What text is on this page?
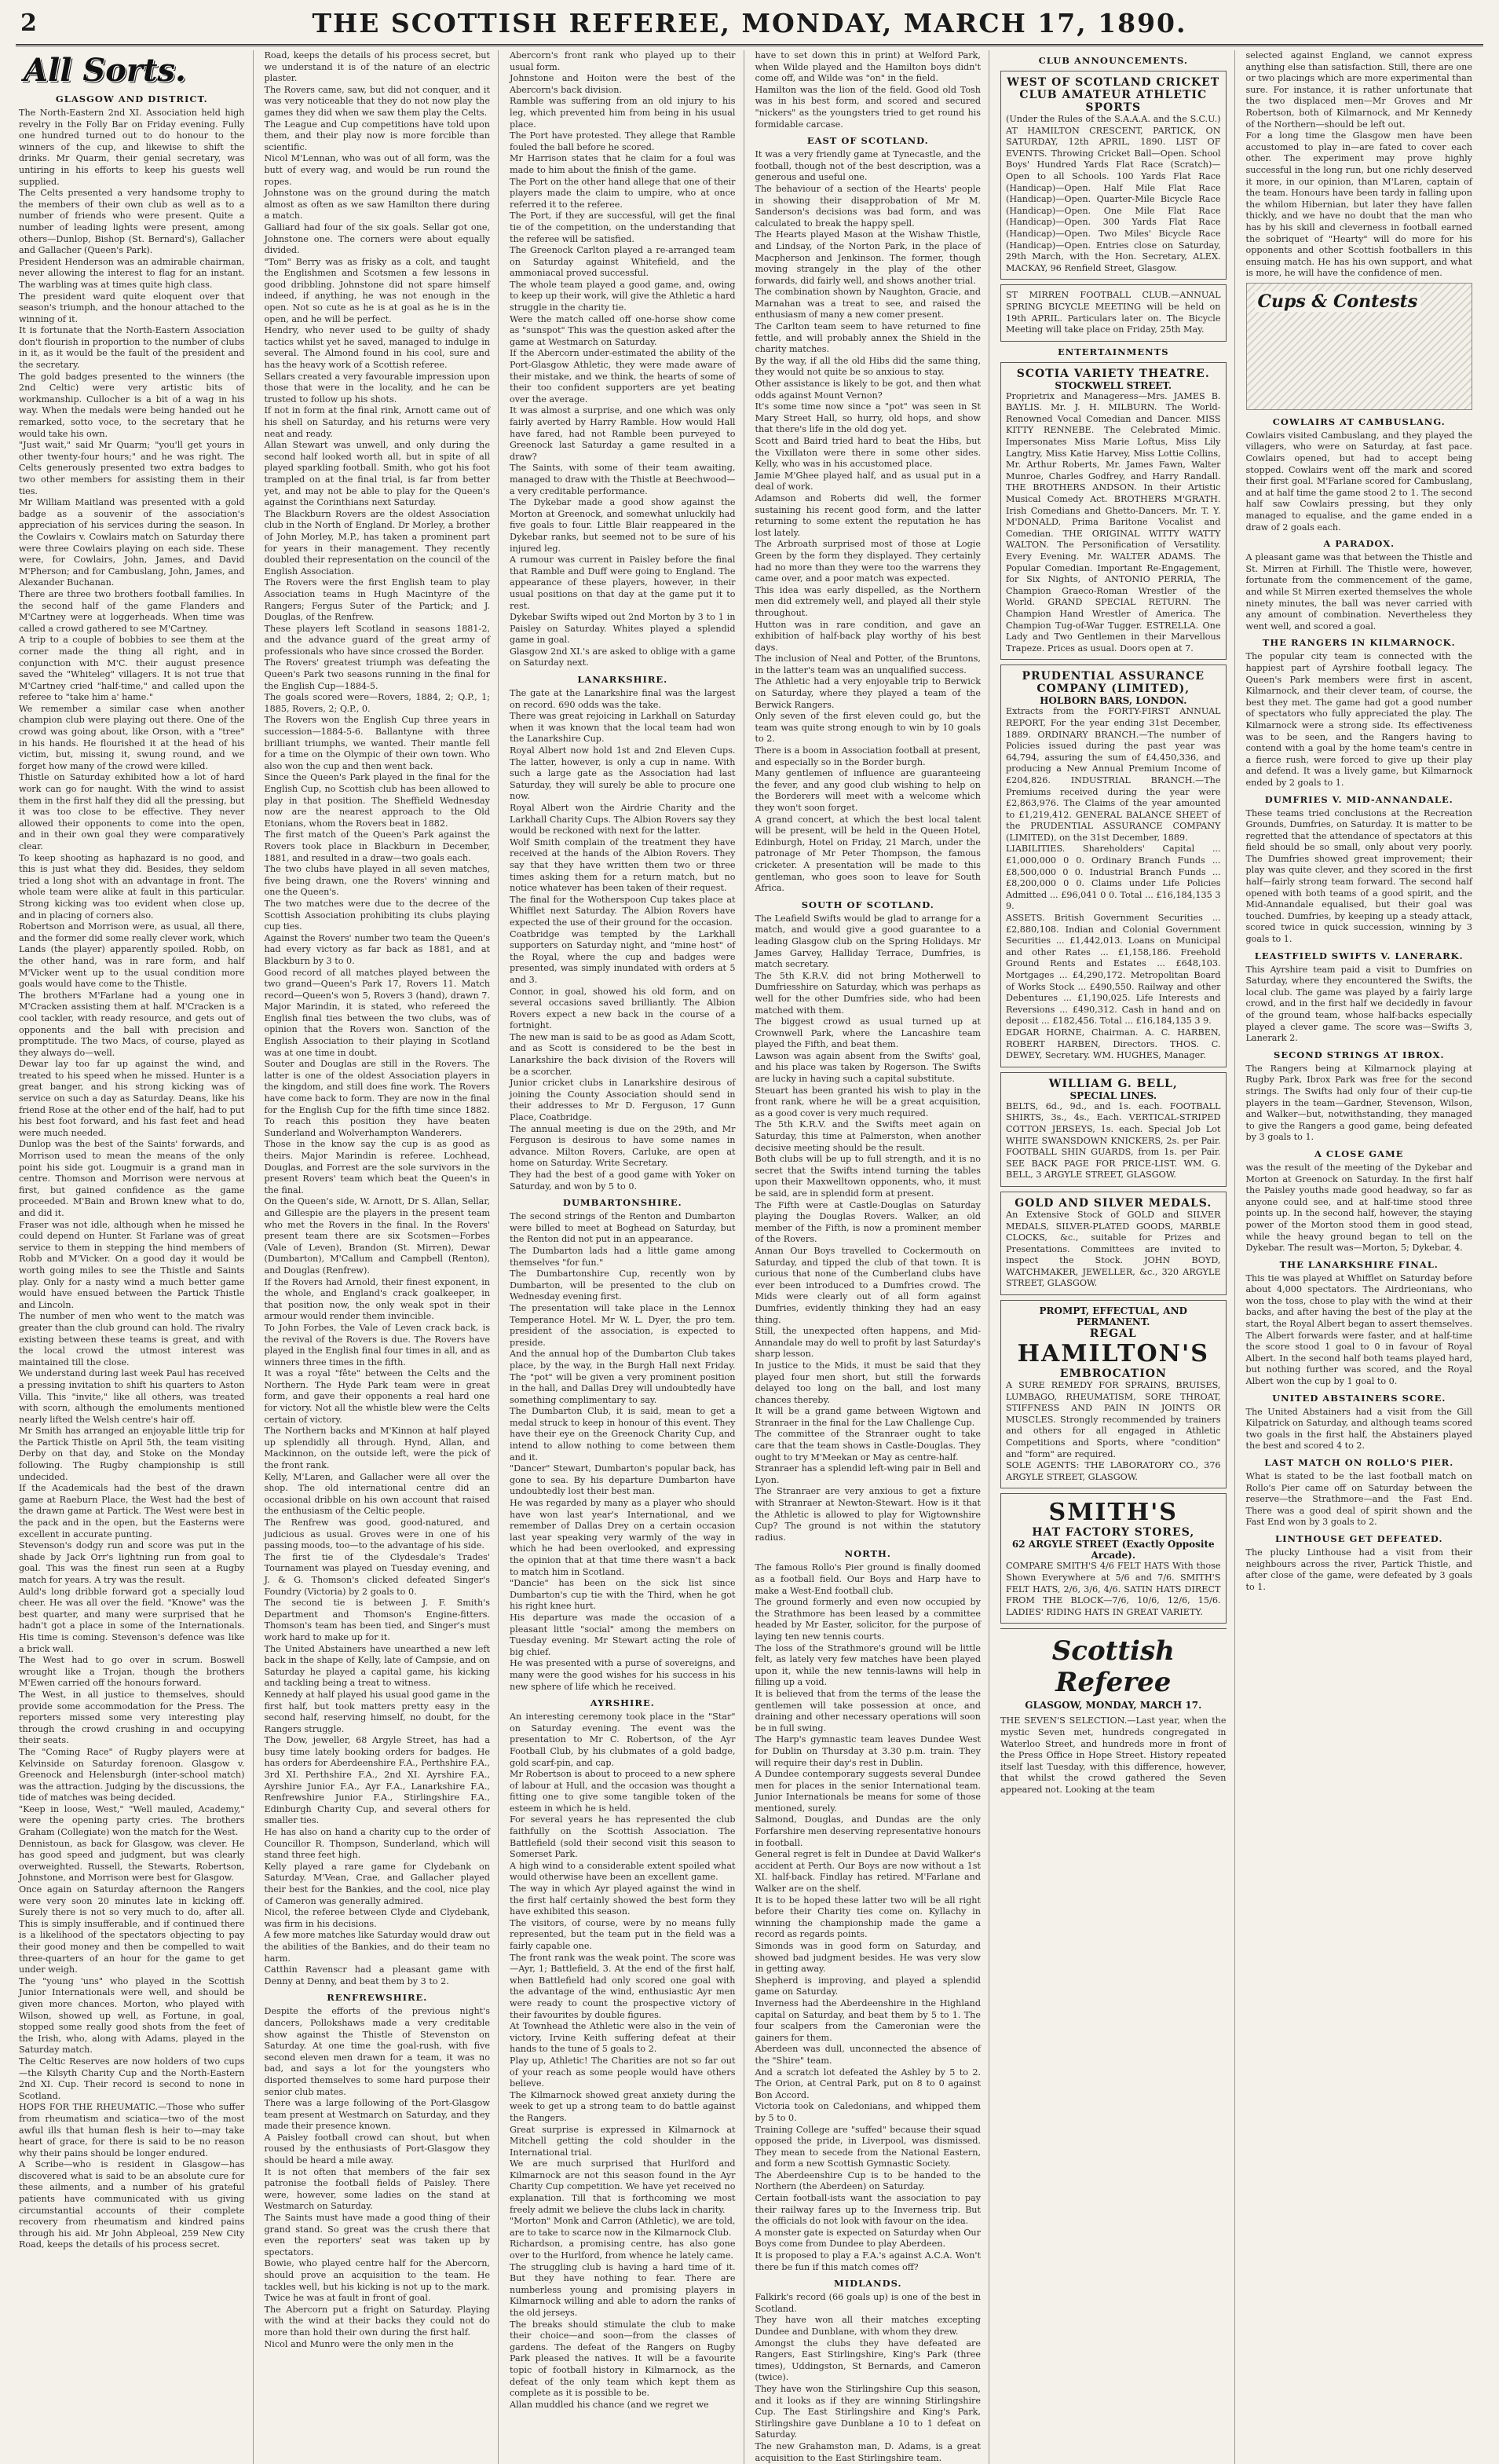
2	THE SCOTTISH REFEREE, MONDAY, MARCH 17, 1890.
All Sorts.
GLASGOW AND DISTRICT.

The North-Eastern 2nd XI. Association held high revelry in the Folly Bar on Friday evening. Fully one hundred turned out to do honour to the winners of the cup, and likewise to shift the drinks. Mr Quarm, their genial secretary, was untiring in his efforts to keep his guests well supplied.

The Celts presented a very handsome trophy to the members of their own club as well as to a number of friends who were present. Quite a number of leading lights were present, among others—Dunlop, Bishop (St. Bernard's), Gallacher and Gallacher (Queen's Park).

President Henderson was an admirable chairman, never allowing the interest to flag for an instant. The warbling was at times quite high class.

The president ward quite eloquent over that season's triumph, and the honour attached to the winning of it.

It is fortunate that the North-Eastern Association don't flourish in proportion to the number of clubs in it, as it would be the fault of the president and the secretary.

The gold badges presented to the winners (the 2nd Celtic) were very artistic bits of workmanship. Cullocher is a bit of a wag in his way. When the medals were being handed out he remarked, sotto voce, to the secretary that he would take his own.

"Just wait," said Mr Quarm; "you'll get yours in other twenty-four hours;" and he was right. The Celts generously presented two extra badges to two other members for assisting them in their ties.

Mr William Maitland was presented with a gold badge as a souvenir of the association's appreciation of his services during the season. In the Cowlairs v. Cowlairs match on Saturday there were three Cowlairs playing on each side. These were, for Cowlairs, John, James, and David M'Pherson; and for Cambuslang, John, James, and Alexander Buchanan.

There are three two brothers football families. In the second half of the game Flanders and M'Cartney were at loggerheads. When time was called a crowd gathered to see M'Cartney.

A trip to a couple of bobbies to see them at the corner made the thing all right, and in conjunction with M'C. their august presence saved the "Whiteleg" villagers. It is not true that M'Cartney cried "half-time," and called upon the referee to "take him a' hame."

We remember a similar case when another champion club were playing out there. One of the crowd was going about, like Orson, with a "tree" in his hands. He flourished it at the head of his victim, but, missing it, swung round, and we forget how many of the crowd were killed.

Thistle on Saturday exhibited how a lot of hard work can go for naught. With the wind to assist them in the first half they did all the pressing, but it was too close to be effective. They never allowed their opponents to come into the open, and in their own goal they were comparatively clear.

To keep shooting as haphazard is no good, and this is just what they did. Besides, they seldom tried a long shot with an advantage in front. The whole team were alike at fault in this particular. Strong kicking was too evident when close up, and in placing of corners also.

Robertson and Morrison were, as usual, all there, and the former did some really clever work, which Lands (the player) apparently spoiled. Robb, on the other hand, was in rare form, and half M'Vicker went up to the usual condition more goals would have come to the Thistle.

The brothers M'Farlane had a young one in M'Cracken assisting them at half. M'Cracken is a cool tackler, with ready resource, and gets out of opponents and the ball with precision and promptitude. The two Macs, of course, played as they always do—well.

Dewar lay too far up against the wind, and treated to his speed when he missed. Hunter is a great banger, and his strong kicking was of service on such a day as Saturday. Deans, like his friend Rose at the other end of the half, had to put his best foot forward, and his fast feet and head were much needed.

Dunlop was the best of the Saints' forwards, and Morrison used to mean the means of the only point his side got. Lougmuir is a grand man in centre. Thomson and Morrison were nervous at first, but gained confidence as the game proceeded. M'Bain and Brown knew what to do, and did it.

Fraser was not idle, although when he missed he could depend on Hunter. St Farlane was of great service to them in stepping the hind members of Robb and M'Vicker. On a good day it would be worth going miles to see the Thistle and Saints play. Only for a nasty wind a much better game would have ensued between the Partick Thistle and Lincoln.

The number of men who went to the match was greater than the club ground can hold. The rivalry existing between these teams is great, and with the local crowd the utmost interest was maintained till the close.

We understand during last week Paul has received a pressing invitation to shift his quarters to Aston Villa. This "invite," like all others, was treated with scorn, although the emoluments mentioned nearly lifted the Welsh centre's hair off.

Mr Smith has arranged an enjoyable little trip for the Partick Thistle on April 5th, the team visiting Derby on that day, and Stoke on the Monday following. The Rugby championship is still undecided.

If the Academicals had the best of the drawn game at Raeburn Place, the West had the best of the drawn game at Partick. The West were best in the pack and in the open, but the Easterns were excellent in accurate punting.

Stevenson's dodgy run and score was put in the shade by Jack Orr's lightning run from goal to goal. This was the finest run seen at a Rugby match for years. A try was the result.

Auld's long dribble forward got a specially loud cheer. He was all over the field. "Knowe" was the best quarter, and many were surprised that he hadn't got a place in some of the Internationals. His time is coming. Stevenson's defence was like a brick wall.

The West had to go over in scrum. Boswell wrought like a Trojan, though the brothers M'Ewen carried off the honours forward.

The West, in all justice to themselves, should provide some accommodation for the Press. The reporters missed some very interesting play through the crowd crushing in and occupying their seats.

The "Coming Race" of Rugby players were at Kelvinside on Saturday forenoon. Glasgow v. Greenock and Helensburgh (inter-school match) was the attraction. Judging by the discussions, the tide of matches was being decided.

"Keep in loose, West," "Well mauled, Academy," were the opening party cries. The brothers Graham (Collegiate) won the match for the West.

Dennistoun, as back for Glasgow, was clever. He has good speed and judgment, but was clearly overweighted. Russell, the Stewarts, Robertson, Johnstone, and Morrison were best for Glasgow.

Once again on Saturday afternoon the Rangers were very soon 20 minutes late in kicking off. Surely there is not so very much to do, after all. This is simply insufferable, and if continued there is a likelihood of the spectators objecting to pay their good money and then be compelled to wait three-quarters of an hour for the game to get under weigh.

The "young 'uns" who played in the Scottish Junior Internationals were well, and should be given more chances. Morton, who played with Wilson, showed up well, as Fortune, in goal, stopped some really good shots from the feet of the Irish, who, along with Adams, played in the Saturday match.

The Celtic Reserves are now holders of two cups—the Kilsyth Charity Cup and the North-Eastern 2nd XI. Cup. Their record is second to none in Scotland.

HOPS FOR THE RHEUMATIC.—Those who suffer from rheumatism and sciatica—two of the most awful ills that human flesh is heir to—may take heart of grace, for there is said to be no reason why their pains should be longer endured.

A Scribe—who is resident in Glasgow—has discovered what is said to be an absolute cure for these ailments, and a number of his grateful patients have communicated with us giving circumstantial accounts of their complete recovery from rheumatism and kindred pains through his aid. Mr John Abpleoal, 259 New City Road, keeps the details of his process secret.

Road, keeps the details of his process secret, but we understand it is of the nature of an electric plaster.

The Rovers came, saw, but did not conquer, and it was very noticeable that they do not now play the games they did when we saw them play the Celts.

The League and Cup competitions have told upon them, and their play now is more forcible than scientific.

Nicol M'Lennan, who was out of all form, was the butt of every wag, and would be run round the ropes.

Johnstone was on the ground during the match almost as often as we saw Hamilton there during a match.

Galliard had four of the six goals. Sellar got one, Johnstone one. The corners were about equally divided.

"Tom" Berry was as frisky as a colt, and taught the Englishmen and Scotsmen a few lessons in good dribbling. Johnstone did not spare himself indeed, if anything, he was not enough in the open. Not so cute as he is at goal as he is in the open, and he will be perfect.

Hendry, who never used to be guilty of shady tactics whilst yet he saved, managed to indulge in several. The Almond found in his cool, sure and has the heavy work of a Scottish referee.

Sellars created a very favourable impression upon those that were in the locality, and he can be trusted to follow up his shots.

If not in form at the final rink, Arnott came out of his shell on Saturday, and his returns were very neat and ready.

Allan Stewart was unwell, and only during the second half looked worth all, but in spite of all played sparkling football. Smith, who got his foot trampled on at the final trial, is far from better yet, and may not be able to play for the Queen's against the Corinthians next Saturday.

The Blackburn Rovers are the oldest Association club in the North of England. Dr Morley, a brother of John Morley, M.P., has taken a prominent part for years in their management. They recently doubled their representation on the council of the English Association.

The Rovers were the first English team to play Association teams in Hugh Macintyre of the Rangers; Fergus Suter of the Partick; and J. Douglas, of the Renfrew.

These players left Scotland in seasons 1881-2, and the advance guard of the great army of professionals who have since crossed the Border.

The Rovers' greatest triumph was defeating the Queen's Park two seasons running in the final for the English Cup—1884-5.

The goals scored were—Rovers, 1884, 2; Q.P., 1; 1885, Rovers, 2; Q.P., 0.

The Rovers won the English Cup three years in succession—1884-5-6. Ballantyne with three brilliant triumphs, we wanted. Their mantle fell for a time on the Olympic of their own town. Who also won the cup and then went back.

Since the Queen's Park played in the final for the English Cup, no Scottish club has been allowed to play in that position. The Sheffield Wednesday now are the nearest approach to the Old Etonians, whom the Rovers beat in 1882.

The first match of the Queen's Park against the Rovers took place in Blackburn in December, 1881, and resulted in a draw—two goals each.

The two clubs have played in all seven matches, five being drawn, one the Rovers' winning and one the Queen's.

The two matches were due to the decree of the Scottish Association prohibiting its clubs playing cup ties.

Against the Rovers' number two team the Queen's had every victory as far back as 1881, and at Blackburn by 3 to 0.

Good record of all matches played between the two grand—Queen's Park 17, Rovers 11. Match record—Queen's won 5, Rovers 3 (hand), drawn 7. Major Marindin, it is stated, who refereed the English final ties between the two clubs, was of opinion that the Rovers won. Sanction of the English Association to their playing in Scotland was at one time in doubt.

Souter and Douglas are still in the Rovers. The latter is one of the oldest Association players in the kingdom, and still does fine work. The Rovers have come back to form. They are now in the final for the English Cup for the fifth time since 1882. To reach this position they have beaten Sunderland and Wolverhampton Wanderers.

Those in the know say the cup is as good as theirs. Major Marindin is referee. Lochhead, Douglas, and Forrest are the sole survivors in the present Rovers' team which beat the Queen's in the final.

On the Queen's side, W. Arnott, Dr S. Allan, Sellar, and Gillespie are the players in the present team who met the Rovers in the final. In the Rovers' present team there are six Scotsmen—Forbes (Vale of Leven), Brandon (St. Mirren), Dewar (Dumbarton), M'Callum and Campbell (Renton), and Douglas (Renfrew).

If the Rovers had Arnold, their finest exponent, in the whole, and England's crack goalkeeper, in that position now, the only weak spot in their armour would render them invincible.

To John Forbes, the Vale of Leven crack back, is the revival of the Rovers is due. The Rovers have played in the English final four times in all, and as winners three times in the fifth.

It was a royal "fête" between the Celts and the Northern. The Hyde Park team were in great form, and gave their opponents a real hard one for victory. Not all the whistle blew were the Celts certain of victory.

The Northern backs and M'Kinnon at half played up splendidly all through. Hynd, Allan, and Mackinnon, on the outside left, were the pick of the front rank.

Kelly, M'Laren, and Gallacher were all over the shop. The old international centre did an occasional dribble on his own account that raised the enthusiasm of the Celtic people.

The Renfrew was good, good-natured, and judicious as usual. Groves were in one of his passing moods, too—to the advantage of his side.

The first tie of the Clydesdale's Trades' Tournament was played on Tuesday evening, and J. & G. Thomson's clicked defeated Singer's Foundry (Victoria) by 2 goals to 0.

The second tie is between J. F. Smith's Department and Thomson's Engine-fitters. Thomson's team has been tied, and Singer's must work hard to make up for it.

The United Abstainers have unearthed a new left back in the shape of Kelly, late of Campsie, and on Saturday he played a capital game, his kicking and tackling being a treat to witness.

Kennedy at half played his usual good game in the first half, but took matters pretty easy in the second half, reserving himself, no doubt, for the Rangers struggle.

The Dow, jeweller, 68 Argyle Street, has had a busy time lately booking orders for badges. He has orders for Aberdeenshire F.A., Perthshire F.A., 3rd XI. Perthshire F.A., 2nd XI. Ayrshire F.A., Ayrshire Junior F.A., Ayr F.A., Lanarkshire F.A., Renfrewshire Junior F.A., Stirlingshire F.A., Edinburgh Charity Cup, and several others for smaller ties.

He has also on hand a charity cup to the order of Councillor R. Thompson, Sunderland, which will stand three feet high.

Kelly played a rare game for Clydebank on Saturday. M'Vean, Crae, and Gallacher played their best for the Bankies, and the cool, nice play of Cameron was generally admired.

Nicol, the referee between Clyde and Clydebank, was firm in his decisions.

A few more matches like Saturday would draw out the abilities of the Bankies, and do their team no harm.

Catthin Ravenscr had a pleasant game with Denny at Denny, and beat them by 3 to 2.

RENFREWSHIRE.

Despite the efforts of the previous night's dancers, Pollokshaws made a very creditable show against the Thistle of Stevenston on Saturday. At one time the goal-rush, with five second eleven men drawn for a team, it was no bad, and says a lot for the youngsters who disported themselves to some hard purpose their senior club mates.

There was a large following of the Port-Glasgow team present at Westmarch on Saturday, and they made their presence known.

A Paisley football crowd can shout, but when roused by the enthusiasts of Port-Glasgow they should be heard a mile away.

It is not often that members of the fair sex patronise the football fields of Paisley. There were, however, some ladies on the stand at Westmarch on Saturday.

The Saints must have made a good thing of their grand stand. So great was the crush there that even the reporters' seat was taken up by spectators.

Bowie, who played centre half for the Abercorn, should prove an acquisition to the team. He tackles well, but his kicking is not up to the mark. Twice he was at fault in front of goal.

The Abercorn put a fright on Saturday. Playing with the wind at their backs they could not do more than hold their own during the first half.

Nicol and Munro were the only men in the

Abercorn's front rank who played up to their usual form.

Johnstone and Hoiton were the best of the Abercorn's back division.

Ramble was suffering from an old injury to his leg, which prevented him from being in his usual place.

The Port have protested. They allege that Ramble fouled the ball before he scored.

Mr Harrison states that he claim for a foul was made to him about the finish of the game.

The Port on the other hand allege that one of their players made the claim to umpire, who at once referred it to the referee.

The Port, if they are successful, will get the final tie of the competition, on the understanding that the referee will be satisfied.

The Greenock Carlton played a re-arranged team on Saturday against Whitefield, and the ammoniacal proved successful.

The whole team played a good game, and, owing to keep up their work, will give the Athletic a hard struggle in the charity tie.

Were the match called off one-horse show come as "sunspot" This was the question asked after the game at Westmarch on Saturday.

If the Abercorn under-estimated the ability of the Port-Glasgow Athletic, they were made aware of their mistake, and we think, the hearts of some of their too confident supporters are yet beating over the average.

It was almost a surprise, and one which was only fairly averted by Harry Ramble. How would Hall have fared, had not Ramble been purveyed to Greenock last Saturday a game resulted in a draw?

The Saints, with some of their team awaiting, managed to draw with the Thistle at Beechwood—a very creditable performance.

The Dykebar made a good show against the Morton at Greenock, and somewhat unluckily had five goals to four. Little Blair reappeared in the Dykebar ranks, but seemed not to be sure of his injured leg.

A rumour was current in Paisley before the final that Ramble and Duff were going to England. The appearance of these players, however, in their usual positions on that day at the game put it to rest.

Dykebar Swifts wiped out 2nd Morton by 3 to 1 in Paisley on Saturday. Whites played a splendid game in goal.

Glasgow 2nd XI.'s are asked to oblige with a game on Saturday next.

LANARKSHIRE.

The gate at the Lanarkshire final was the largest on record. 690 odds was the take.

There was great rejoicing in Larkhall on Saturday when it was known that the local team had won the Lanarkshire Cup.

Royal Albert now hold 1st and 2nd Eleven Cups. The latter, however, is only a cup in name. With such a large gate as the Association had last Saturday, they will surely be able to procure one now.

Royal Albert won the Airdrie Charity and the Larkhall Charity Cups. The Albion Rovers say they would be reckoned with next for the latter.

Wolf Smith complain of the treatment they have received at the hands of the Albion Rovers. They say that they have written them two or three times asking them for a return match, but no notice whatever has been taken of their request.

The final for the Wotherspoon Cup takes place at Whifflet next Saturday. The Albion Rovers have expected the use of their ground for the occasion.

Coatbridge was tempted by the Larkhall supporters on Saturday night, and "mine host" of the Royal, where the cup and badges were presented, was simply inundated with orders at 5 and 3.

Connor, in goal, showed his old form, and on several occasions saved brilliantly. The Albion Rovers expect a new back in the course of a fortnight.

The new man is said to be as good as Adam Scott, and as Scott is considered to be the best in Lanarkshire the back division of the Rovers will be a scorcher.

Junior cricket clubs in Lanarkshire desirous of joining the County Association should send in their addresses to Mr D. Ferguson, 17 Gunn Place, Coatbridge.

The annual meeting is due on the 29th, and Mr Ferguson is desirous to have some names in advance. Milton Rovers, Carluke, are open at home on Saturday. Write Secretary.

They had the best of a good game with Yoker on Saturday, and won by 5 to 0.

DUMBARTONSHIRE.

The second strings of the Renton and Dumbarton were billed to meet at Boghead on Saturday, but the Renton did not put in an appearance.

The Dumbarton lads had a little game among themselves "for fun."

The Dumbartonshire Cup, recently won by Dumbarton, will be presented to the club on Wednesday evening first.

The presentation will take place in the Lennox Temperance Hotel. Mr W. L. Dyer, the pro tem. president of the association, is expected to preside.

And the annual hop of the Dumbarton Club takes place, by the way, in the Burgh Hall next Friday. The "pot" will be given a very prominent position in the hall, and Dallas Drey will undoubtedly have something complimentary to say.

The Dumbarton Club, it is said, mean to get a medal struck to keep in honour of this event. They have their eye on the Greenock Charity Cup, and intend to allow nothing to come between them and it.

"Dancer" Stewart, Dumbarton's popular back, has gone to sea. By his departure Dumbarton have undoubtedly lost their best man.

He was regarded by many as a player who should have won last year's International, and we remember of Dallas Drey on a certain occasion last year speaking very warmly of the way in which he had been overlooked, and expressing the opinion that at that time there wasn't a back to match him in Scotland.

"Dancie" has been on the sick list since Dumbarton's cup tie with the Third, when he got his right knee hurt.

His departure was made the occasion of a pleasant little "social" among the members on Tuesday evening. Mr Stewart acting the role of big chief.

He was presented with a purse of sovereigns, and many were the good wishes for his success in his new sphere of life which he received.

AYRSHIRE.

An interesting ceremony took place in the "Star" on Saturday evening. The event was the presentation to Mr C. Robertson, of the Ayr Football Club, by his clubmates of a gold badge, gold scarf-pin, and cap.

Mr Robertson is about to proceed to a new sphere of labour at Hull, and the occasion was thought a fitting one to give some tangible token of the esteem in which he is held.

For several years he has represented the club faithfully on the Scottish Association. The Battlefield (sold their second visit this season to Somerset Park.

A high wind to a considerable extent spoiled what would otherwise have been an excellent game.

The way in which Ayr played against the wind in the first half certainly showed the best form they have exhibited this season.

The visitors, of course, were by no means fully represented, but the team put in the field was a fairly capable one.

The front rank was the weak point. The score was—Ayr, 1; Battlefield, 3. At the end of the first half, when Battlefield had only scored one goal with the advantage of the wind, enthusiastic Ayr men were ready to count the prospective victory of their favourites by double figures.

At Townhead the Athletic were also in the vein of victory, Irvine Keith suffering defeat at their hands to the tune of 5 goals to 2.

Play up, Athletic! The Charities are not so far out of your reach as some people would have others believe.

The Kilmarnock showed great anxiety during the week to get up a strong team to do battle against the Rangers.

Great surprise is expressed in Kilmarnock at Mitchell getting the cold shoulder in the International trial.

We are much surprised that Hurlford and Kilmarnock are not this season found in the Ayr Charity Cup competition. We have yet received no explanation. Till that is forthcoming we most freely admit we believe the clubs lack in charity.

"Morton" Monk and Carron (Athletic), we are told, are to take to scarce now in the Kilmarnock Club.

Richardson, a promising centre, has also gone over to the Hurlford, from whence he lately came.

The struggling club is having a hard time of it. But they have nothing to fear. There are numberless young and promising players in Kilmarnock willing and able to adorn the ranks of the old jerseys.

The breaks should stimulate the club to make their choice—and soon—from the classes of gardens. The defeat of the Rangers on Rugby Park pleased the natives. It will be a favourite topic of football history in Kilmarnock, as the defeat of the only team which kept them as complete as it is possible to be.

Allan muddled his chance (and we regret we

have to set down this in print) at Welford Park, when Wilde played and the Hamilton boys didn't come off, and Wilde was "on" in the field.

Hamilton was the lion of the field. Good old Tosh was in his best form, and scored and secured "nickers" as the youngsters tried to get round his formidable carcase.

EAST OF SCOTLAND.

It was a very friendly game at Tynecastle, and the football, though not of the best description, was a generous and useful one.

The behaviour of a section of the Hearts' people in showing their disapprobation of Mr M. Sanderson's decisions was bad form, and was calculated to break the happy spell.

The Hearts played Mason at the Wishaw Thistle, and Lindsay, of the Norton Park, in the place of Macpherson and Jenkinson. The former, though moving strangely in the play of the other forwards, did fairly well, and shows another trial.

The combination shown by Naughton, Gracie, and Marnahan was a treat to see, and raised the enthusiasm of many a new comer present.

The Carlton team seem to have returned to fine fettle, and will probably annex the Shield in the charity matches.

By the way, if all the old Hibs did the same thing, they would not quite be so anxious to stay.

Other assistance is likely to be got, and then what odds against Mount Vernon?

It's some time now since a "pot" was seen in St Mary Street Hall, so hurry, old hops, and show that there's life in the old dog yet.

Scott and Baird tried hard to beat the Hibs, but the Vixillaton were there in some other sides. Kelly, who was in his accustomed place.

Jamie M'Ghee played half, and as usual put in a deal of work.

Adamson and Roberts did well, the former sustaining his recent good form, and the latter returning to some extent the reputation he has lost lately.

The Arbroath surprised most of those at Logie Green by the form they displayed. They certainly had no more than they were too the warrens they came over, and a poor match was expected.

This idea was early dispelled, as the Northern men did extremely well, and played all their style throughout.

Hutton was in rare condition, and gave an exhibition of half-back play worthy of his best days.

The inclusion of Neal and Potter, of the Bruntons, in the latter's team was an unqualified success.

The Athletic had a very enjoyable trip to Berwick on Saturday, where they played a team of the Berwick Rangers.

Only seven of the first eleven could go, but the team was quite strong enough to win by 10 goals to 2.

There is a boom in Association football at present, and especially so in the Border burgh.

Many gentlemen of influence are guaranteeing the fever, and any good club wishing to help on the Borderers will meet with a welcome which they won't soon forget.

A grand concert, at which the best local talent will be present, will be held in the Queen Hotel, Edinburgh, Hotel on Friday, 21 March, under the patronage of Mr Peter Thompson, the famous cricketer. A presentation will be made to this gentleman, who goes soon to leave for South Africa.

SOUTH OF SCOTLAND.

The Leafield Swifts would be glad to arrange for a match, and would give a good guarantee to a leading Glasgow club on the Spring Holidays. Mr James Garvey, Halliday Terrace, Dumfries, is match secretary.

The 5th K.R.V. did not bring Motherwell to Dumfriesshire on Saturday, which was perhaps as well for the other Dumfries side, who had been matched with them.

The biggest crowd as usual turned up at Crownwell Park, where the Lancashire team played the Fifth, and beat them.

Lawson was again absent from the Swifts' goal, and his place was taken by Rogerson. The Swifts are lucky in having such a capital substitute.

Steuart has been granted his wish to play in the front rank, where he will be a great acquisition, as a good cover is very much required.

The 5th K.R.V. and the Swifts meet again on Saturday, this time at Palmerston, when another decisive meeting should be the result.

Both clubs will be up to full strength, and it is no secret that the Swifts intend turning the tables upon their Maxwelltown opponents, who, it must be said, are in splendid form at present.

The Fifth were at Castle-Douglas on Saturday playing the Douglas Rovers. Walker, an old member of the Fifth, is now a prominent member of the Rovers.

Annan Our Boys travelled to Cockermouth on Saturday, and tipped the club of that town. It is curious that none of the Cumberland clubs have ever been introduced to a Dumfries crowd. The Mids were clearly out of all form against Dumfries, evidently thinking they had an easy thing.

Still, the unexpected often happens, and Mid-Annandale may do well to profit by last Saturday's sharp lesson.

In justice to the Mids, it must be said that they played four men short, but still the forwards delayed too long on the ball, and lost many chances thereby.

It will be a grand game between Wigtown and Stranraer in the final for the Law Challenge Cup.

The committee of the Stranraer ought to take care that the team shows in Castle-Douglas. They ought to try M'Meekan or May as centre-half.

Stranraer has a splendid left-wing pair in Bell and Lyon.

The Stranraer are very anxious to get a fixture with Stranraer at Newton-Stewart. How is it that the Athletic is allowed to play for Wigtownshire Cup? The ground is not within the statutory radius.

NORTH.

The famous Rollo's Pier ground is finally doomed as a football field. Our Boys and Harp have to make a West-End football club.

The ground formerly and even now occupied by the Strathmore has been leased by a committee headed by Mr Easter, solicitor, for the purpose of laying ten new tennis courts.

The loss of the Strathmore's ground will be little felt, as lately very few matches have been played upon it, while the new tennis-lawns will help in filling up a void.

It is believed that from the terms of the lease the gentlemen will take possession at once, and draining and other necessary operations will soon be in full swing.

The Harp's gymnastic team leaves Dundee West for Dublin on Thursday at 3.30 p.m. train. They will require their day's rest in Dublin.

A Dundee contemporary suggests several Dundee men for places in the senior International team. Junior Internationals be means for some of those mentioned, surely.

Salmond, Douglas, and Dundas are the only Forfarshire men deserving representative honours in football.

General regret is felt in Dundee at David Walker's accident at Perth. Our Boys are now without a 1st XI. half-back. Findlay has retired. M'Farlane and Walker are on the shelf.

It is to be hoped these latter two will be all right before their Charity ties come on. Kyllachy in winning the championship made the game a record as regards points.

Simonds was in good form on Saturday, and showed bad judgment besides. He was very slow in getting away.

Shepherd is improving, and played a splendid game on Saturday.

Inverness had the Aberdeenshire in the Highland capital on Saturday, and beat them by 5 to 1. The four scalpers from the Cameronian were the gainers for them.

Aberdeen was dull, unconnected the absence of the "Shire" team.

And a scratch lot defeated the Ashley by 5 to 2. The Orion, at Central Park, put on 8 to 0 against Bon Accord.

Victoria took on Caledonians, and whipped them by 5 to 0.

Training College are "suffed" because their squad opposed the pride, in Liverpool, was dismissed. They mean to secede from the National Eastern, and form a new Scottish Gymnastic Society.

The Aberdeenshire Cup is to be handed to the Northern (the Aberdeen) on Saturday.

Certain football-ists want the association to pay their railway fares up to the Inverness trip. But the officials do not look with favour on the idea.

A monster gate is expected on Saturday when Our Boys come from Dundee to play Aberdeen.

It is proposed to play a F.A.'s against A.C.A. Won't there be fun if this match comes off?

MIDLANDS.

Falkirk's record (66 goals up) is one of the best in Scotland.

They have won all their matches excepting Dundee and Dunblane, with whom they drew.

Amongst the clubs they have defeated are Rangers, East Stirlingshire, King's Park (three times), Uddingston, St Bernards, and Cameron (twice).

They have won the Stirlingshire Cup this season, and it looks as if they are winning Stirlingshire Cup. The East Stirlingshire and King's Park, Stirlingshire gave Dunblane a 10 to 1 defeat on Saturday.

The new Grahamston man, D. Adams, is a great acquisition to the East Stirlingshire team.

CLUB ANNOUNCEMENTS.
WEST OF SCOTLAND CRICKET CLUB AMATEUR ATHLETIC SPORTS

(Under the Rules of the S.A.A.A. and the S.C.U.) AT HAMILTON CRESCENT, PARTICK, ON SATURDAY, 12th APRIL, 1890. LIST OF EVENTS. Throwing Cricket Ball—Open. School Boys' Hundred Yards Flat Race (Scratch)—Open to all Schools. 100 Yards Flat Race (Handicap)—Open. Half Mile Flat Race (Handicap)—Open. Quarter-Mile Bicycle Race (Handicap)—Open. One Mile Flat Race (Handicap)—Open. 300 Yards Flat Race (Handicap)—Open. Two Miles' Bicycle Race (Handicap)—Open. Entries close on Saturday, 29th March, with the Hon. Secretary, ALEX. MACKAY, 96 Renfield Street, Glasgow.

ST MIRREN FOOTBALL CLUB.—ANNUAL SPRING BICYCLE MEETING will be held on 19th APRIL. Particulars later on. The Bicycle Meeting will take place on Friday, 25th May.

ENTERTAINMENTS
SCOTIA VARIETY THEATRE.
STOCKWELL STREET.

Proprietrix and Manageress—Mrs. JAMES B. BAYLIS. Mr. J. H. MILBURN. The World-Renowned Vocal Comedian and Dancer. MISS KITTY RENNEBE. The Celebrated Mimic. Impersonates Miss Marie Loftus, Miss Lily Langtry, Miss Katie Harvey, Miss Lottie Collins, Mr. Arthur Roberts, Mr. James Fawn, Walter Munroe, Charles Godfrey, and Harry Randall. THE BROTHERS ANDSON. In their Artistic Musical Comedy Act. BROTHERS M'GRATH. Irish Comedians and Ghetto-Dancers. Mr. T. Y. M'DONALD, Prima Baritone Vocalist and Comedian. THE ORIGINAL WITTY WATTY WALTON. The Personification of Versatility. Every Evening. Mr. WALTER ADAMS. The Popular Comedian. Important Re-Engagement, for Six Nights, of ANTONIO PERRIA, The Champion Graeco-Roman Wrestler of the World. GRAND SPECIAL RETURN. The Champion Hand Wrestler of America. The Champion Tug-of-War Tugger. ESTRELLA. One Lady and Two Gentlemen in their Marvellous Trapeze. Prices as usual. Doors open at 7.

PRUDENTIAL ASSURANCE COMPANY (LIMITED),
HOLBORN BARS, LONDON.

Extracts from the FORTY-FIRST ANNUAL REPORT, For the year ending 31st December, 1889. ORDINARY BRANCH.—The number of Policies issued during the past year was 64,794, assuring the sum of £4,450,336, and producing a New Annual Premium Income of £204,826. INDUSTRIAL BRANCH.—The Premiums received during the year were £2,863,976. The Claims of the year amounted to £1,219,412. GENERAL BALANCE SHEET of the PRUDENTIAL ASSURANCE COMPANY (LIMITED), on the 31st December, 1889.

LIABILITIES. Shareholders' Capital ... £1,000,000 0 0. Ordinary Branch Funds ... £8,500,000 0 0. Industrial Branch Funds ... £8,200,000 0 0. Claims under Life Policies Admitted ... £96,041 0 0. Total ... £16,184,135 3 9.

ASSETS. British Government Securities ... £2,880,108. Indian and Colonial Government Securities ... £1,442,013. Loans on Municipal and other Rates ... £1,158,186. Freehold Ground Rents and Estates ... £648,103. Mortgages ... £4,290,172. Metropolitan Board of Works Stock ... £490,550. Railway and other Debentures ... £1,190,025. Life Interests and Reversions ... £490,312. Cash in hand and on deposit ... £182,456. Total ... £16,184,135 3 9.

EDGAR HORNE, Chairman. A. C. HARBEN, ROBERT HARBEN, Directors. THOS. C. DEWEY, Secretary. WM. HUGHES, Manager.

WILLIAM G. BELL,
SPECIAL LINES.

BELTS, 6d., 9d., and 1s. each. FOOTBALL SHIRTS, 3s., 4s., Each. VERTICAL-STRIPED COTTON JERSEYS, 1s. each. Special Job Lot WHITE SWANSDOWN KNICKERS, 2s. per Pair. FOOTBALL SHIN GUARDS, from 1s. per Pair. SEE BACK PAGE FOR PRICE-LIST. WM. G. BELL, 3 ARGYLE STREET, GLASGOW.

GOLD AND SILVER MEDALS.

An Extensive Stock of GOLD and SILVER MEDALS, SILVER-PLATED GOODS, MARBLE CLOCKS, &c., suitable for Prizes and Presentations. Committees are invited to inspect the Stock. JOHN BOYD, WATCHMAKER, JEWELLER, &c., 320 ARGYLE STREET, GLASGOW.

PROMPT, EFFECTUAL, AND PERMANENT.
REGAL
HAMILTON'S
EMBROCATION

A SURE REMEDY FOR SPRAINS, BRUISES, LUMBAGO, RHEUMATISM, SORE THROAT, STIFFNESS AND PAIN IN JOINTS OR MUSCLES. Strongly recommended by trainers and others for all engaged in Athletic Competitions and Sports, where "condition" and "form" are required.

SOLE AGENTS: THE LABORATORY CO., 376 ARGYLE STREET, GLASGOW.

SMITH'S
HAT FACTORY STORES,
62 ARGYLE STREET (Exactly Opposite Arcade).

COMPARE SMITH'S 4/6 FELT HATS With those Shown Everywhere at 5/6 and 7/6. SMITH'S FELT HATS, 2/6, 3/6, 4/6. SATIN HATS DIRECT FROM THE BLOCK—7/6, 10/6, 12/6, 15/6. LADIES' RIDING HATS IN GREAT VARIETY.

Scottish Referee
GLASGOW, MONDAY, MARCH 17.

THE SEVEN'S SELECTION.—Last year, when the mystic Seven met, hundreds congregated in Waterloo Street, and hundreds more in front of the Press Office in Hope Street. History repeated itself last Tuesday, with this difference, however, that whilst the crowd gathered the Seven appeared not. Looking at the team

selected against England, we cannot express anything else than satisfaction. Still, there are one or two placings which are more experimental than sure. For instance, it is rather unfortunate that the two displaced men—Mr Groves and Mr Robertson, both of Kilmarnock, and Mr Kennedy of the Northern—should be left out.

For a long time the Glasgow men have been accustomed to play in—are fated to cover each other. The experiment may prove highly successful in the long run, but one richly deserved it more, in our opinion, than M'Laren, captain of the team. Honours have been tardy in falling upon the whilom Hibernian, but later they have fallen thickly, and we have no doubt that the man who has by his skill and cleverness in football earned the sobriquet of "Hearty" will do more for his opponents and other Scottish footballers in this ensuing match. He has his own support, and what is more, he will have the confidence of men.

Cups & Contests
COWLAIRS AT CAMBUSLANG.

Cowlairs visited Cambuslang, and they played the villagers, who were on Saturday, at fast pace. Cowlairs opened, but had to accept being stopped. Cowlairs went off the mark and scored their first goal. M'Farlane scored for Cambuslang, and at half time the game stood 2 to 1. The second half saw Cowlairs pressing, but they only managed to equalise, and the game ended in a draw of 2 goals each.

A PARADOX.

A pleasant game was that between the Thistle and St. Mirren at Firhill. The Thistle were, however, fortunate from the commencement of the game, and while St Mirren exerted themselves the whole ninety minutes, the ball was never carried with any amount of combination. Nevertheless they went well, and scored a goal.

THE RANGERS IN KILMARNOCK.

The popular city team is connected with the happiest part of Ayrshire football legacy. The Queen's Park members were first in ascent, Kilmarnock, and their clever team, of course, the best they met. The game had got a good number of spectators who fully appreciated the play. The Kilmarnock were a strong side. Its effectiveness was to be seen, and the Rangers having to contend with a goal by the home team's centre in a fierce rush, were forced to give up their play and defend. It was a lively game, but Kilmarnock ended by 2 goals to 1.

DUMFRIES V. MID-ANNANDALE.

These teams tried conclusions at the Recreation Grounds, Dumfries, on Saturday. It is matter to be regretted that the attendance of spectators at this field should be so small, only about very poorly. The Dumfries showed great improvement; their play was quite clever, and they scored in the first half—fairly strong team forward. The second half opened with both teams of a good spirit, and the Mid-Annandale equalised, but their goal was touched. Dumfries, by keeping up a steady attack, scored twice in quick succession, winning by 3 goals to 1.

LEASTFIELD SWIFTS V. LANERARK.

This Ayrshire team paid a visit to Dumfries on Saturday, where they encountered the Swifts, the local club. The game was played by a fairly large crowd, and in the first half we decidedly in favour of the ground team, whose half-backs especially played a clever game. The score was—Swifts 3, Lanerark 2.

SECOND STRINGS AT IBROX.

The Rangers being at Kilmarnock playing at Rugby Park, Ibrox Park was free for the second strings. The Swifts had only four of their cup-tie players in the team—Gardner, Stevenson, Wilson, and Walker—but, notwithstanding, they managed to give the Rangers a good game, being defeated by 3 goals to 1.

A CLOSE GAME

was the result of the meeting of the Dykebar and Morton at Greenock on Saturday. In the first half the Paisley youths made good headway, so far as anyone could see, and at half-time stood three points up. In the second half, however, the staying power of the Morton stood them in good stead, while the heavy ground began to tell on the Dykebar. The result was—Morton, 5; Dykebar, 4.

THE LANARKSHIRE FINAL.

This tie was played at Whifflet on Saturday before about 4,000 spectators. The Airdrieonians, who won the toss, chose to play with the wind at their backs, and after having the best of the play at the start, the Royal Albert began to assert themselves. The Albert forwards were faster, and at half-time the score stood 1 goal to 0 in favour of Royal Albert. In the second half both teams played hard, but nothing further was scored, and the Royal Albert won the cup by 1 goal to 0.

UNITED ABSTAINERS SCORE.

The United Abstainers had a visit from the Gill Kilpatrick on Saturday, and although teams scored two goals in the first half, the Abstainers played the best and scored 4 to 2.

LAST MATCH ON ROLLO'S PIER.

What is stated to be the last football match on Rollo's Pier came off on Saturday between the reserve—the Strathmore—and the Fast End. There was a good deal of spirit shown and the Fast End won by 3 goals to 2.

LINTHOUSE GET DEFEATED.

The plucky Linthouse had a visit from their neighbours across the river, Partick Thistle, and after close of the game, were defeated by 3 goals to 1.
